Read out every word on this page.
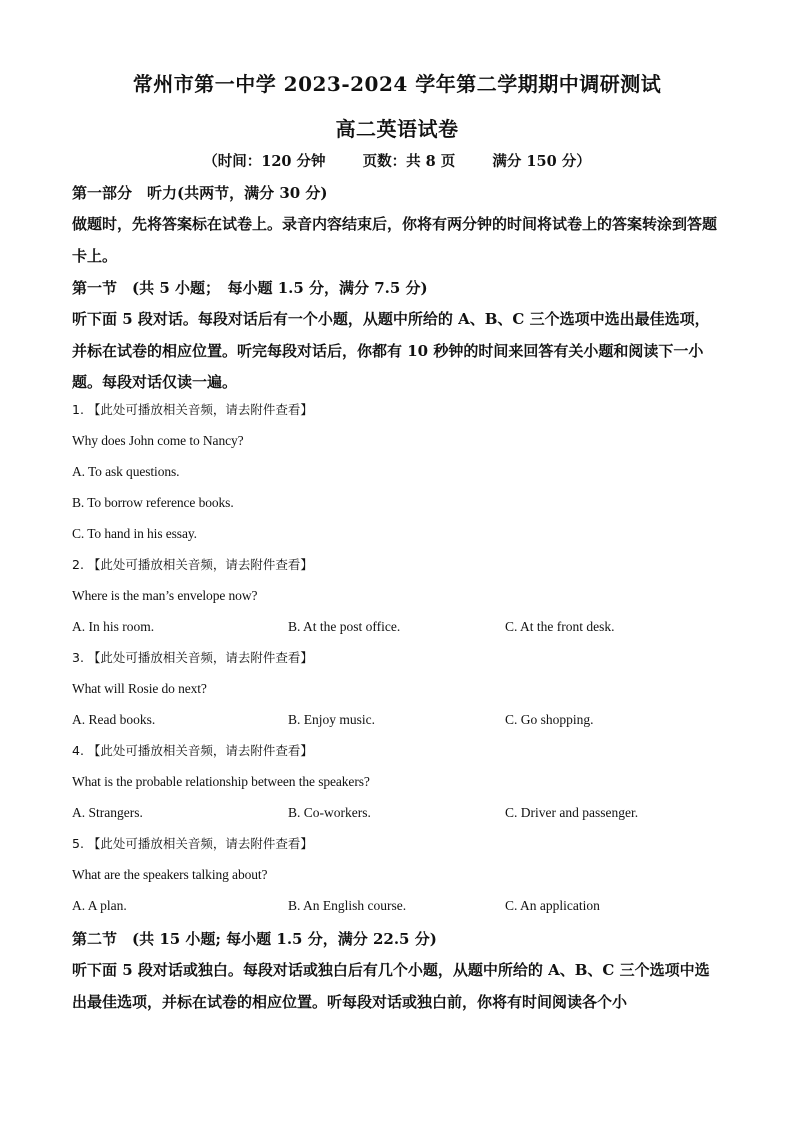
常州市第一中学 2023-2024 学年第二学期期中调研测试
高二英语试卷
（时间：120 分钟	页数：共 8 页	满分 150 分）
第一部分　听力(共两节，满分 30 分)
做题时，先将答案标在试卷上。录音内容结束后，你将有两分钟的时间将试卷上的答案转涂到答题卡上。
第一节　(共 5 小题；　每小题 1.5 分，满分 7.5 分)
听下面 5 段对话。每段对话后有一个小题，从题中所给的 A、B、C 三个选项中选出最佳选项，并标在试卷的相应位置。听完每段对话后，你都有 10 秒钟的时间来回答有关小题和阅读下一小题。每段对话仅读一遍。
1. 【此处可播放相关音频，请去附件查看】
Why does John come to Nancy?
A. To ask questions.
B. To borrow reference books.
C. To hand in his essay.
2. 【此处可播放相关音频，请去附件查看】
Where is the man’s envelope now?
A. In his room.	B. At the post office.	C. At the front desk.
3. 【此处可播放相关音频，请去附件查看】
What will Rosie do next?
A. Read books.	B. Enjoy music.	C. Go shopping.
4. 【此处可播放相关音频，请去附件查看】
What is the probable relationship between the speakers?
A. Strangers.	B. Co-workers.	C. Driver and passenger.
5. 【此处可播放相关音频，请去附件查看】
What are the speakers talking about?
A. A plan.	B. An English course.	C. An application
第二节　(共 15 小题; 每小题 1.5 分，满分 22.5 分)
听下面 5 段对话或独白。每段对话或独白后有几个小题，从题中所给的 A、B、C 三个选项中选出最佳选项，并标在试卷的相应位置。听每段对话或独白前，你将有时间阅读各个小
